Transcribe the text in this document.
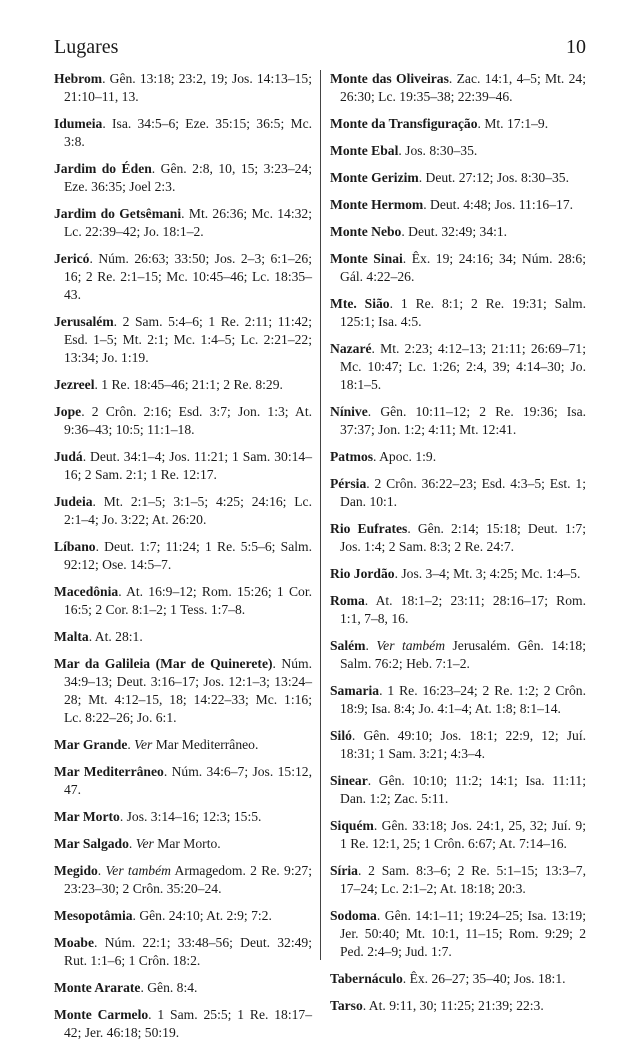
Lugares	10

Hebrom. Gên. 13:18; 23:2, 19; Jos. 14:13–15; 21:10–11, 13.

Idumeia. Isa. 34:5–6; Eze. 35:15; 36:5; Mc. 3:8.

Jardim do Éden. Gên. 2:8, 10, 15; 3:23–24; Eze. 36:35; Joel 2:3.

Jardim do Getsêmani. Mt. 26:36; Mc. 14:32; Lc. 22:39–42; Jo. 18:1–2.

Jericó. Núm. 26:63; 33:50; Jos. 2–3; 6:1–26; 16; 2 Re. 2:1–15; Mc. 10:45–46; Lc. 18:35–43.

Jerusalém. 2 Sam. 5:4–6; 1 Re. 2:11; 11:42; Esd. 1–5; Mt. 2:1; Mc. 1:4–5; Lc. 2:21–22; 13:34; Jo. 1:19.

Jezreel. 1 Re. 18:45–46; 21:1; 2 Re. 8:29.

Jope. 2 Crôn. 2:16; Esd. 3:7; Jon. 1:3; At. 9:36–43; 10:5; 11:1–18.

Judá. Deut. 34:1–4; Jos. 11:21; 1 Sam. 30:14–16; 2 Sam. 2:1; 1 Re. 12:17.

Judeia. Mt. 2:1–5; 3:1–5; 4:25; 24:16; Lc. 2:1–4; Jo. 3:22; At. 26:20.

Líbano. Deut. 1:7; 11:24; 1 Re. 5:5–6; Salm. 92:12; Ose. 14:5–7.

Macedônia. At. 16:9–12; Rom. 15:26; 1 Cor. 16:5; 2 Cor. 8:1–2; 1 Tess. 1:7–8.

Malta. At. 28:1.

Mar da Galileia (Mar de Quinerete). Núm. 34:9–13; Deut. 3:16–17; Jos. 12:1–3; 13:24–28; Mt. 4:12–15, 18; 14:22–33; Mc. 1:16; Lc. 8:22–26; Jo. 6:1.

Mar Grande. Ver Mar Mediterrâneo.

Mar Mediterrâneo. Núm. 34:6–7; Jos. 15:12, 47.

Mar Morto. Jos. 3:14–16; 12:3; 15:5.

Mar Salgado. Ver Mar Morto.

Megido. Ver também Armagedom. 2 Re. 9:27; 23:23–30; 2 Crôn. 35:20–24.

Mesopotâmia. Gên. 24:10; At. 2:9; 7:2.

Moabe. Núm. 22:1; 33:48–56; Deut. 32:49; Rut. 1:1–6; 1 Crôn. 18:2.

Monte Ararate. Gên. 8:4.

Monte Carmelo. 1 Sam. 25:5; 1 Re. 18:17–42; Jer. 46:18; 50:19.

Monte das Oliveiras. Zac. 14:1, 4–5; Mt. 24; 26:30; Lc. 19:35–38; 22:39–46.

Monte da Transfiguração. Mt. 17:1–9.

Monte Ebal. Jos. 8:30–35.

Monte Gerizim. Deut. 27:12; Jos. 8:30–35.

Monte Hermom. Deut. 4:48; Jos. 11:16–17.

Monte Nebo. Deut. 32:49; 34:1.

Monte Sinai. Êx. 19; 24:16; 34; Núm. 28:6; Gál. 4:22–26.

Mte. Sião. 1 Re. 8:1; 2 Re. 19:31; Salm. 125:1; Isa. 4:5.

Nazaré. Mt. 2:23; 4:12–13; 21:11; 26:69–71; Mc. 10:47; Lc. 1:26; 2:4, 39; 4:14–30; Jo. 18:1–5.

Nínive. Gên. 10:11–12; 2 Re. 19:36; Isa. 37:37; Jon. 1:2; 4:11; Mt. 12:41.

Patmos. Apoc. 1:9.

Pérsia. 2 Crôn. 36:22–23; Esd. 4:3–5; Est. 1; Dan. 10:1.

Rio Eufrates. Gên. 2:14; 15:18; Deut. 1:7; Jos. 1:4; 2 Sam. 8:3; 2 Re. 24:7.

Rio Jordão. Jos. 3–4; Mt. 3; 4:25; Mc. 1:4–5.

Roma. At. 18:1–2; 23:11; 28:16–17; Rom. 1:1, 7–8, 16.

Salém. Ver também Jerusalém. Gên. 14:18; Salm. 76:2; Heb. 7:1–2.

Samaria. 1 Re. 16:23–24; 2 Re. 1:2; 2 Crôn. 18:9; Isa. 8:4; Jo. 4:1–4; At. 1:8; 8:1–14.

Siló. Gên. 49:10; Jos. 18:1; 22:9, 12; Juí. 18:31; 1 Sam. 3:21; 4:3–4.

Sinear. Gên. 10:10; 11:2; 14:1; Isa. 11:11; Dan. 1:2; Zac. 5:11.

Siquém. Gên. 33:18; Jos. 24:1, 25, 32; Juí. 9; 1 Re. 12:1, 25; 1 Crôn. 6:67; At. 7:14–16.

Síria. 2 Sam. 8:3–6; 2 Re. 5:1–15; 13:3–7, 17–24; Lc. 2:1–2; At. 18:18; 20:3.

Sodoma. Gên. 14:1–11; 19:24–25; Isa. 13:19; Jer. 50:40; Mt. 10:1, 11–15; Rom. 9:29; 2 Ped. 2:4–9; Jud. 1:7.

Tabernáculo. Êx. 26–27; 35–40; Jos. 18:1.

Tarso. At. 9:11, 30; 11:25; 21:39; 22:3.
